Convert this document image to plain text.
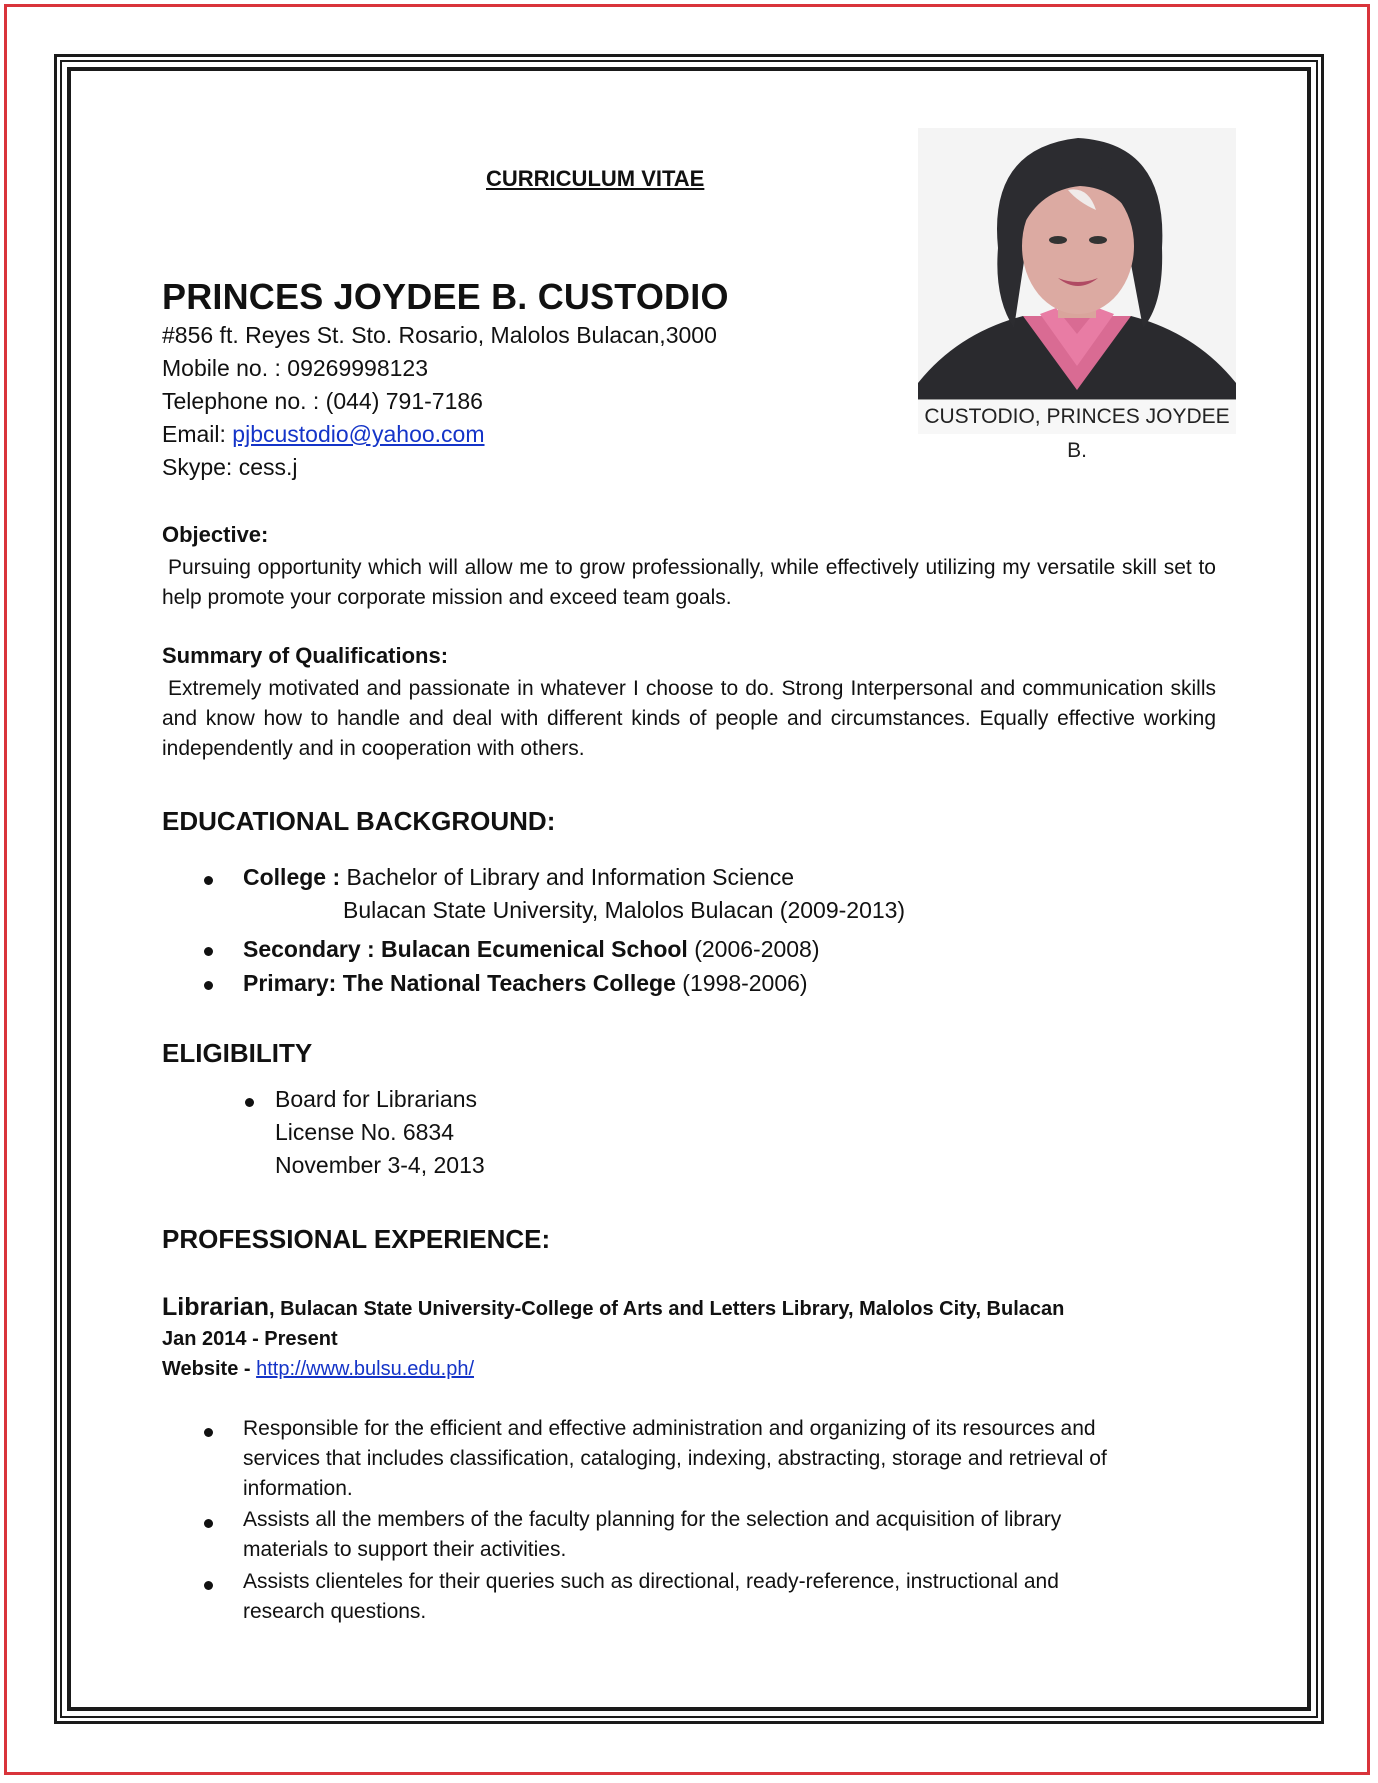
CURRICULUM VITAE
PRINCES JOYDEE B. CUSTODIO
#856 ft. Reyes St. Sto. Rosario, Malolos Bulacan,3000
Mobile no. : 09269998123
Telephone no. : (044) 791-7186
Email: pjbcustodio@yahoo.com
Skype: cess.j
CUSTODIO, PRINCES JOYDEE B.
Objective:
Pursuing opportunity which will allow me to grow professionally, while effectively utilizing my versatile skill set to help promote your corporate mission and exceed team goals.
Summary of Qualifications:
Extremely motivated and passionate in whatever I choose to do. Strong Interpersonal and communication skills and know how to handle and deal with different kinds of people and circumstances. Equally effective working independently and in cooperation with others.
EDUCATIONAL BACKGROUND:
College : Bachelor of Library and Information Science
Bulacan State University, Malolos Bulacan (2009-2013)
Secondary : Bulacan Ecumenical School (2006-2008)
Primary: The National Teachers College (1998-2006)
ELIGIBILITY
Board for Librarians
License No. 6834
November 3-4, 2013
PROFESSIONAL EXPERIENCE:
Librarian, Bulacan State University-College of Arts and Letters Library, Malolos City, Bulacan
Jan 2014 - Present
Website - http://www.bulsu.edu.ph/
Responsible for the efficient and effective administration and organizing of its resources and services that includes classification, cataloging, indexing, abstracting, storage and retrieval of information.
Assists all the members of the faculty planning for the selection and acquisition of library materials to support their activities.
Assists clienteles for their queries such as directional, ready-reference, instructional and research questions.
